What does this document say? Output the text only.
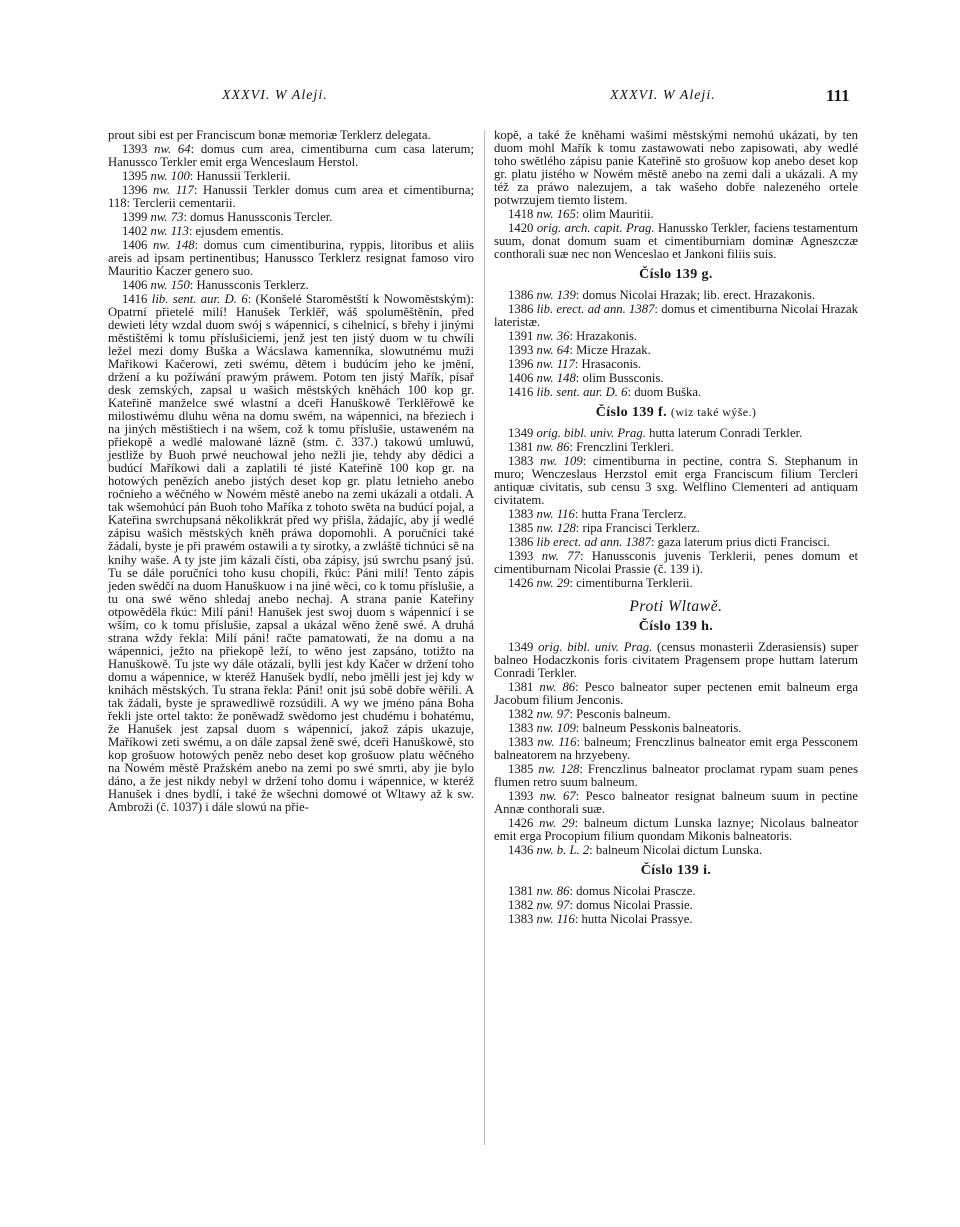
XXXVI. W Aleji.	XXXVI. W Aleji.	111

prout sibi est per Franciscum bonæ memoriæ Terklerz delegata.

1393 nw. 64: domus cum area, cimentiburna cum casa laterum; Hanussco Terkler emit erga Wenceslaum Herstol.

1395 nw. 100: Hanussii Terklerii.

1396 nw. 117: Hanussii Terkler domus cum area et cimentiburna; 118: Terclerii cementarii.

1399 nw. 73: domus Hanussconis Tercler.

1402 nw. 113: ejusdem ementis.

1406 nw. 148: domus cum cimentiburina, ryppis, litoribus et aliis areis ad ipsam pertinentibus; Hanussco Terklerz resignat famoso viro Mauritio Kaczer genero suo.

1406 nw. 150: Hanussconis Terklerz.

1416 lib. sent. aur. D. 6: (Konšelé Staroměstští k Nowoměstským): Opatrní přietelé milí! Hanušek Terklěř, wáš spoluměštěnín, před dewieti léty wzdal duom swój s wápennicí, s cihelnicí, s břehy i jinými městištěmi k tomu příslušiciemi, jenž jest ten jistý duom w tu chwíli ležel mezi domy Buška a Wácslawa kamenníka, slowutnému muži Mařikowi Kačerowi, zeti swému, dětem i budúcím jeho ke jmění, držení a ku požíwání prawým práwem. Potom ten jistý Mařík, písař desk zemských, zapsal u wašich městských kněhách 100 kop gr. Kateřině manželce swé wlastní a dceři Hanuškowě Terklěřowě ke milostiwému dluhu wěna na domu swém, na wápennici, na březiech i na jiných městištiech i na wšem, což k tomu příslušie, ustaweném na přiekopě a wedlé malowané lázně (stm. č. 337.) takowú umluwú, jestliže by Buoh prwé neuchowal jeho nežli jie, tehdy aby dědici a budúcí Maříkowi dali a zaplatili té jisté Kateřině 100 kop gr. na hotowých penězích anebo jistých deset kop gr. platu letnieho anebo ročnieho a wěčného w Nowém městě anebo na zemi ukázali a otdali. A tak wšemohúcí pán Buoh toho Maříka z tohoto swěta na budúcí pojal, a Kateřina swrchupsaná několikkrát před wy přišla, žádajíc, aby jí wedlé zápisu wašich městských kněh práwa dopomohli. A poručníci také žádali, byste je při prawém ostawili a ty sirotky, a zwláště tichnúci sě na knihy waše. A ty jste jim kázali čísti, oba zápisy, jsú swrchu psaný jsú. Tu se dále poručníci toho kusu chopili, řkúc: Páni milí! Tento zápis jeden swědčí na duom Hanuškuow i na jiné wěci, co k tomu příslušie, a tu ona swé wěno shledaj anebo nechaj. A strana panie Kateřiny otpowěděla řkúc: Milí páni! Hanušek jest swoj duom s wápennicí i se wším, co k tomu příslušie, zapsal a ukázal wěno ženě swé. A druhá strana wždy řekla: Milí páni! račte pamatowati, že na domu a na wápennici, ježto na přiekopě leží, to wěno jest zapsáno, totižto na Hanuškowě. Tu jste wy dále otázali, bylli jest kdy Kačer w držení toho domu a wápennice, w kteréž Hanušek bydlí, nebo jmělli jest jej kdy w knihách městských. Tu strana řekla: Páni! onit jsú sobě dobře wěřili. A tak žádali, byste je sprawedliwě rozsúdili. A wy we jméno pána Boha řekli jste ortel takto: že poněwadž swědomo jest chudému i bohatému, že Hanušek jest zapsal duom s wápennicí, jakož zápis ukazuje, Maříkowi zeti swému, a on dále zapsal ženě swé, dceři Hanuškowě, sto kop grošuow hotowých peněz nebo deset kop grošuow platu wěčného na Nowém městě Pražském anebo na zemi po swé smrti, aby jie bylo dáno, a že jest nikdy nebyl w držení toho domu i wápennice, w kteréž Hanušek i dnes bydlí, i také že wšechni domowé ot Wltawy až k sw. Ambroži (č. 1037) i dále slowú na přie-

kopě, a také že kněhami wašimi městskými nemohú ukázati, by ten duom mohl Mařík k tomu zastawowati nebo zapisowati, aby wedlé toho swětlého zápisu panie Kateřině sto grošuow kop anebo deset kop gr. platu jistého w Nowém městě anebo na zemi dali a ukázali. A my též za práwo nalezujem, a tak wašeho dobře nalezeného ortele potwrzujem tiemto listem.

1418 nw. 165: olim Mauritii.

1420 orig. arch. capit. Prag. Hanussko Terkler, faciens testamentum suum, donat domum suam et cimentiburniam dominæ Agneszczæ conthorali suæ nec non Wenceslao et Jankoni filiis suis.

Číslo 139 g.

1386 nw. 139: domus Nicolai Hrazak; lib. erect. Hrazakonis.

1386 lib. erect. ad ann. 1387: domus et cimentiburna Nicolai Hrazak lateristæ.

1391 nw. 36: Hrazakonis.

1393 nw. 64: Micze Hrazak.

1396 nw. 117: Hrasaconis.

1406 nw. 148: olim Bussconis.

1416 lib. sent. aur. D. 6: duom Buška.

Číslo 139 f. (wiz také wýše.)

1349 orig. bibl. univ. Prag. hutta laterum Conradi Terkler.

1381 nw. 86: Frenczlini Terkleri.

1383 nw. 109: cimentiburna in pectine, contra S. Stephanum in muro; Wenczeslaus Herzstol emit erga Franciscum filium Tercleri antiquæ civitatis, sub censu 3 sxg. Welflino Clementeri ad antiquam civitatem.

1383 nw. 116: hutta Frana Terclerz.

1385 nw. 128: ripa Francisci Terklerz.

1386 lib erect. ad ann. 1387: gaza laterum prius dicti Francisci.

1393 nw. 77: Hanussconis juvenis Terklerii, penes domum et cimentiburnam Nicolai Prassie (č. 139 i).

1426 nw. 29: cimentiburna Terklerii.

Proti Wltawě.
Číslo 139 h.

1349 orig. bibl. univ. Prag. (census monasterii Zderasiensis) super balneo Hodaczkonis foris civitatem Pragensem prope huttam laterum Conradi Terkler.

1381 nw. 86: Pesco balneator super pectenen emit balneum erga Jacobum filium Jenconis.

1382 nw. 97: Pesconis balneum.

1383 nw. 109: balneum Pesskonis balneatoris.

1383 nw. 116: balneum; Frenczlinus balneator emit erga Pessconem balneatorem na hrzyebeny.

1385 nw. 128: Frenczlinus balneator proclamat rypam suam penes flumen retro suum balneum.

1393 nw. 67: Pesco balneator resignat balneum suum in pectine Annæ conthorali suæ.

1426 nw. 29: balneum dictum Lunska laznye; Nicolaus balneator emit erga Procopium filium quondam Mikonis balneatoris.

1436 nw. b. L. 2: balneum Nicolai dictum Lunska.

Číslo 139 i.

1381 nw. 86: domus Nicolai Prascze.

1382 nw. 97: domus Nicolai Prassie.

1383 nw. 116: hutta Nicolai Prassye.
